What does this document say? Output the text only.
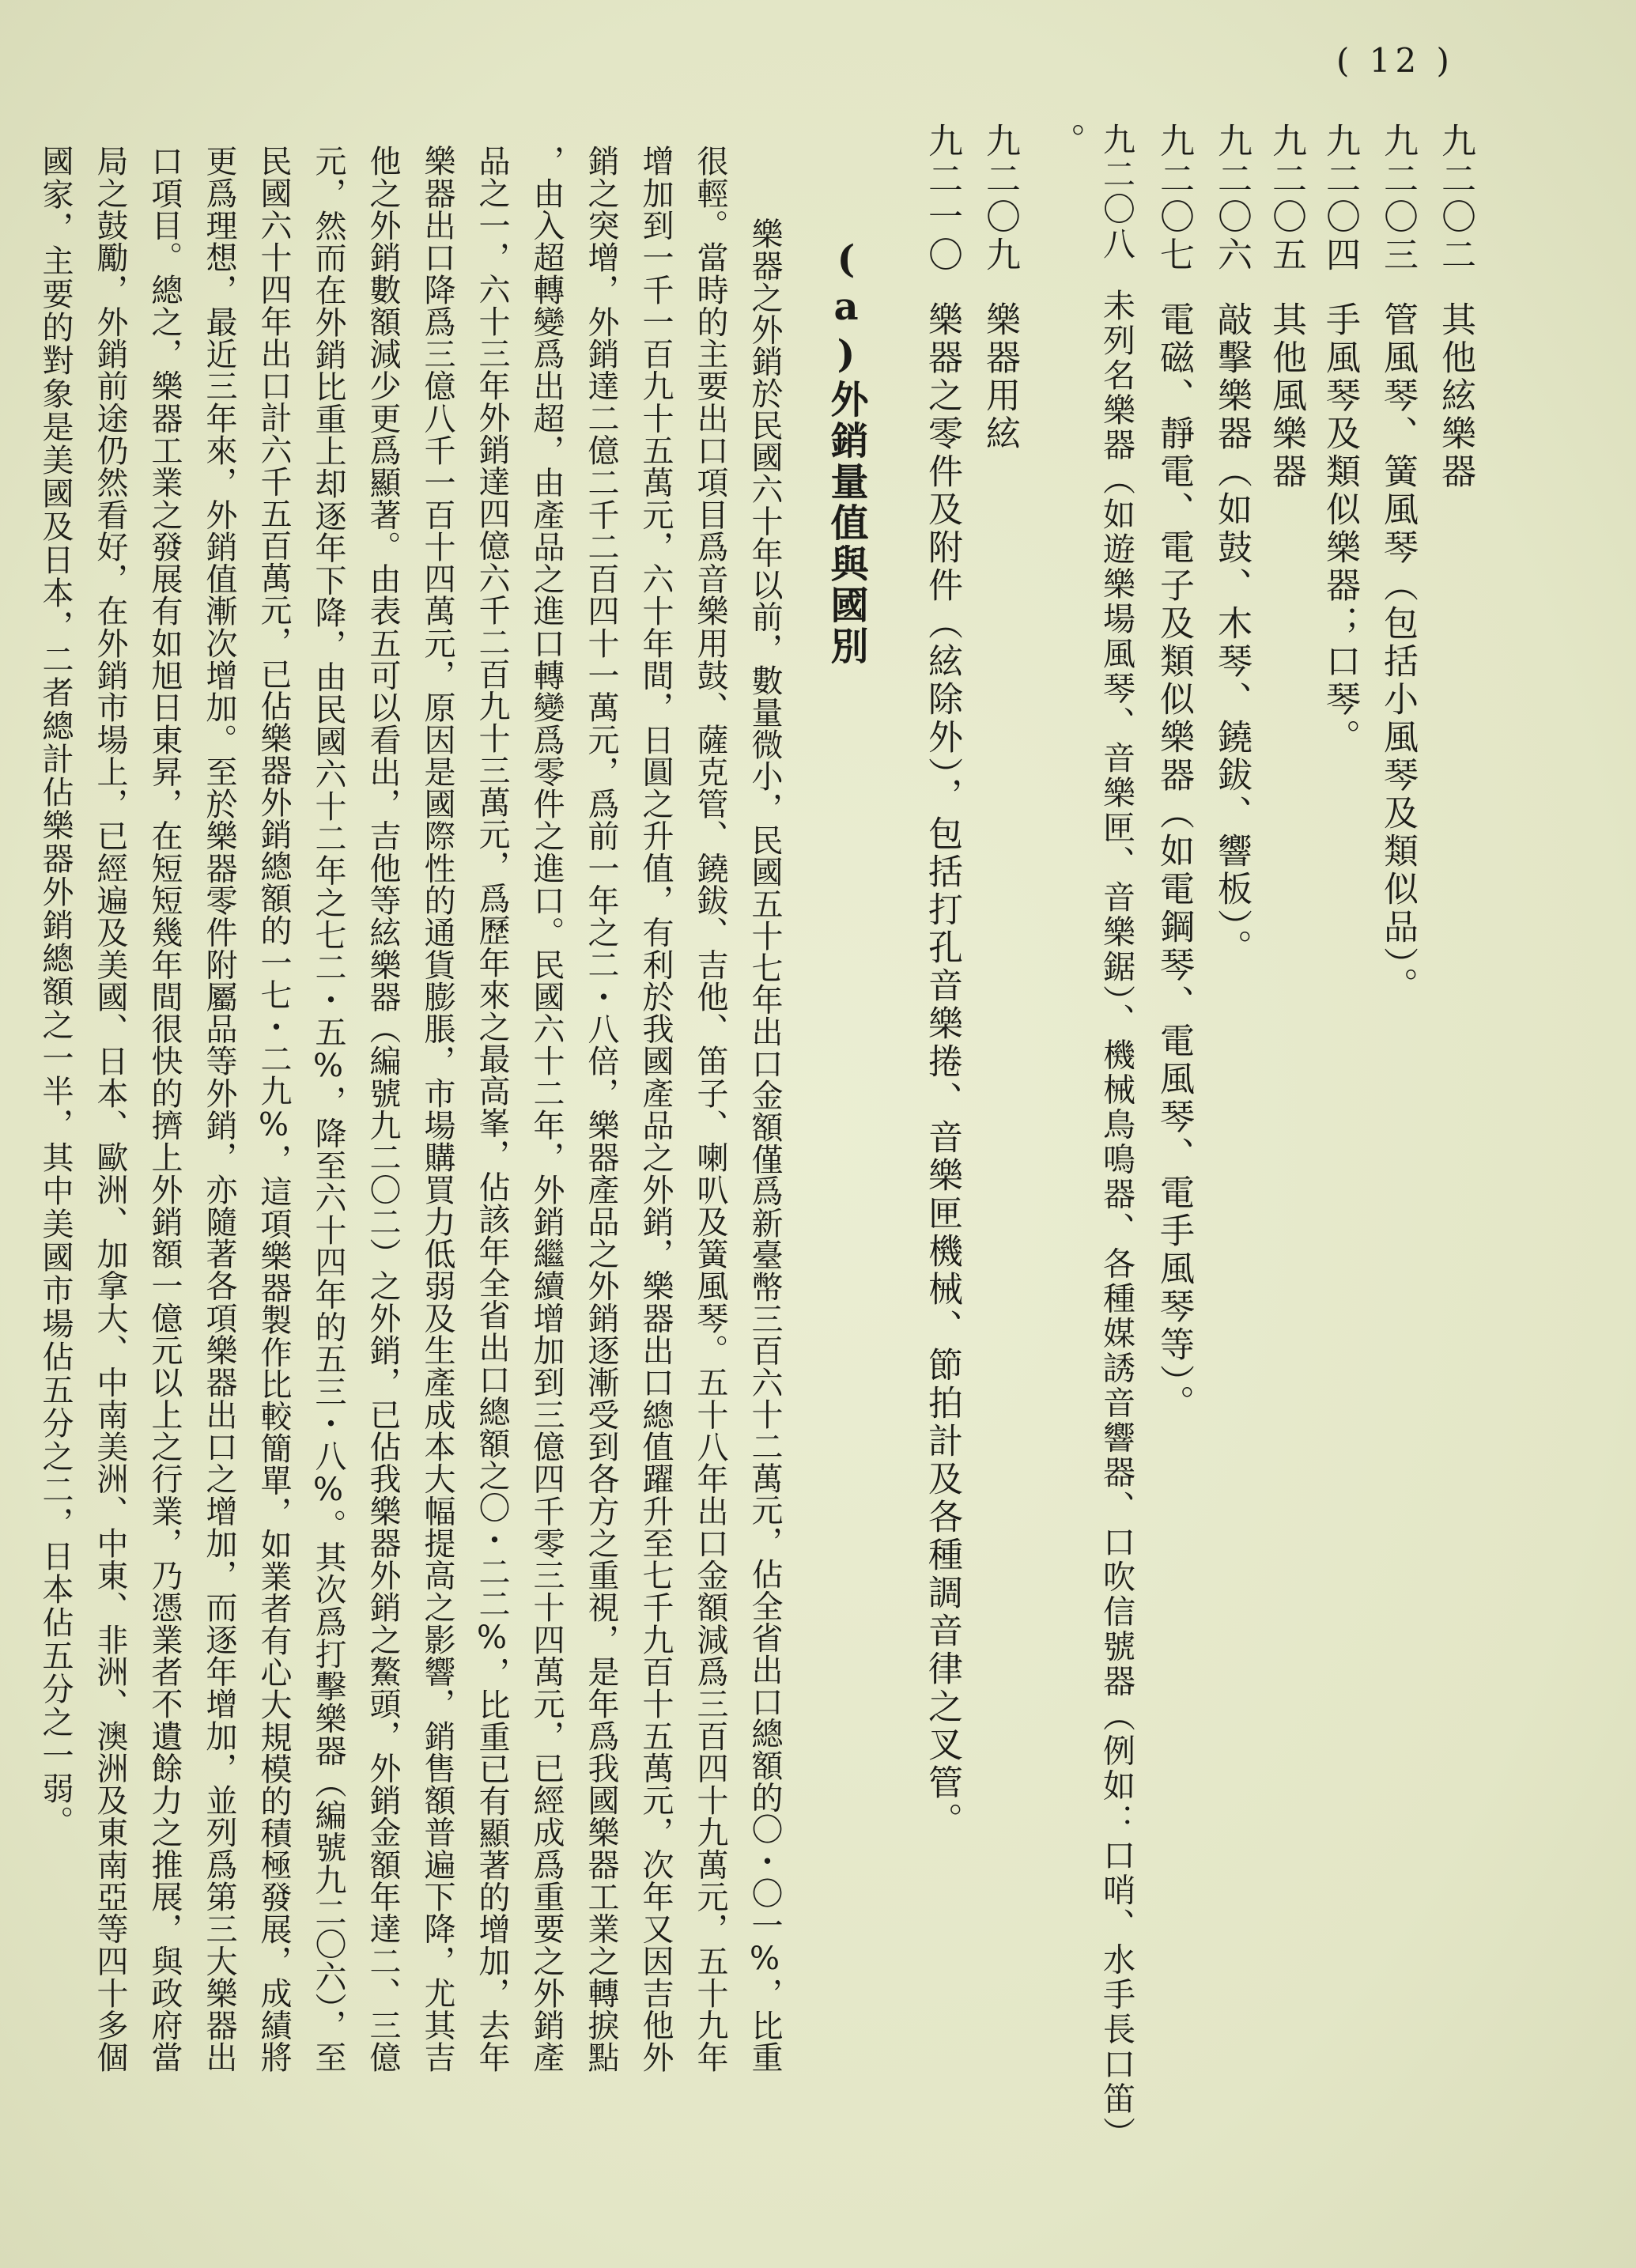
( 12 )
九二〇二其他絃樂器
九二〇三管風琴、簧風琴（包括小風琴及類似品）。
九二〇四手風琴及類似樂器；口琴。
九二〇五其他風樂器
九二〇六敲擊樂器（如鼓、木琴、鐃鈸、響板）。
九二〇七電磁、靜電、電子及類似樂器（如電鋼琴、電風琴、電手風琴等）。
九二〇八未列名樂器（如遊樂場風琴、音樂匣、音樂鋸）、機械鳥鳴器、各種媒誘音響器、口吹信號器（例如：口哨、水手長口笛）
。
九二〇九樂器用絃
九二一〇樂器之零件及附件（絃除外），包括打孔音樂捲、音樂匣機械、節拍計及各種調音律之叉管。
(a)外銷量值與國別
樂器之外銷於民國六十年以前，數量微小，民國五十七年出口金額僅爲新臺幣三百六十二萬元，佔全省出口總額的〇・〇一%，比重
很輕。當時的主要出口項目爲音樂用鼓、薩克管、鐃鈸、吉他、笛子、喇叭及簧風琴。五十八年出口金額減爲三百四十九萬元，五十九年
增加到一千一百九十五萬元，六十年間，日圓之升值，有利於我國產品之外銷，樂器出口總值躍升至七千九百十五萬元，次年又因吉他外
銷之突增，外銷達二億二千二百四十一萬元，爲前一年之二・八倍，樂器產品之外銷逐漸受到各方之重視，是年爲我國樂器工業之轉捩點
，由入超轉變爲出超，由產品之進口轉變爲零件之進口。民國六十二年，外銷繼續增加到三億四千零三十四萬元，已經成爲重要之外銷產
品之一，六十三年外銷達四億六千二百九十三萬元，爲歷年來之最高峯，佔該年全省出口總額之〇・二二%，比重已有顯著的增加，去年
樂器出口降爲三億八千一百十四萬元，原因是國際性的通貨膨脹，市場購買力低弱及生產成本大幅提高之影響，銷售額普遍下降，尤其吉
他之外銷數額減少更爲顯著。由表五可以看出，吉他等絃樂器（編號九二〇二）之外銷，已佔我樂器外銷之鰲頭，外銷金額年達二、三億
元，然而在外銷比重上却逐年下降，由民國六十二年之七二・五%，降至六十四年的五三・八%。其次爲打擊樂器（編號九二〇六），至
民國六十四年出口計六千五百萬元，已佔樂器外銷總額的一七・二九%，這項樂器製作比較簡單，如業者有心大規模的積極發展，成績將
更爲理想，最近三年來，外銷值漸次增加。至於樂器零件附屬品等外銷，亦隨著各項樂器出口之增加，而逐年增加，並列爲第三大樂器出
口項目。總之，樂器工業之發展有如旭日東昇，在短短幾年間很快的擠上外銷額一億元以上之行業，乃憑業者不遺餘力之推展，與政府當
局之鼓勵，外銷前途仍然看好，在外銷市場上，已經遍及美國、日本、歐洲、加拿大、中南美洲、中東、非洲、澳洲及東南亞等四十多個
國家，主要的對象是美國及日本，二者總計佔樂器外銷總額之一半，其中美國市場佔五分之二，日本佔五分之一弱。
